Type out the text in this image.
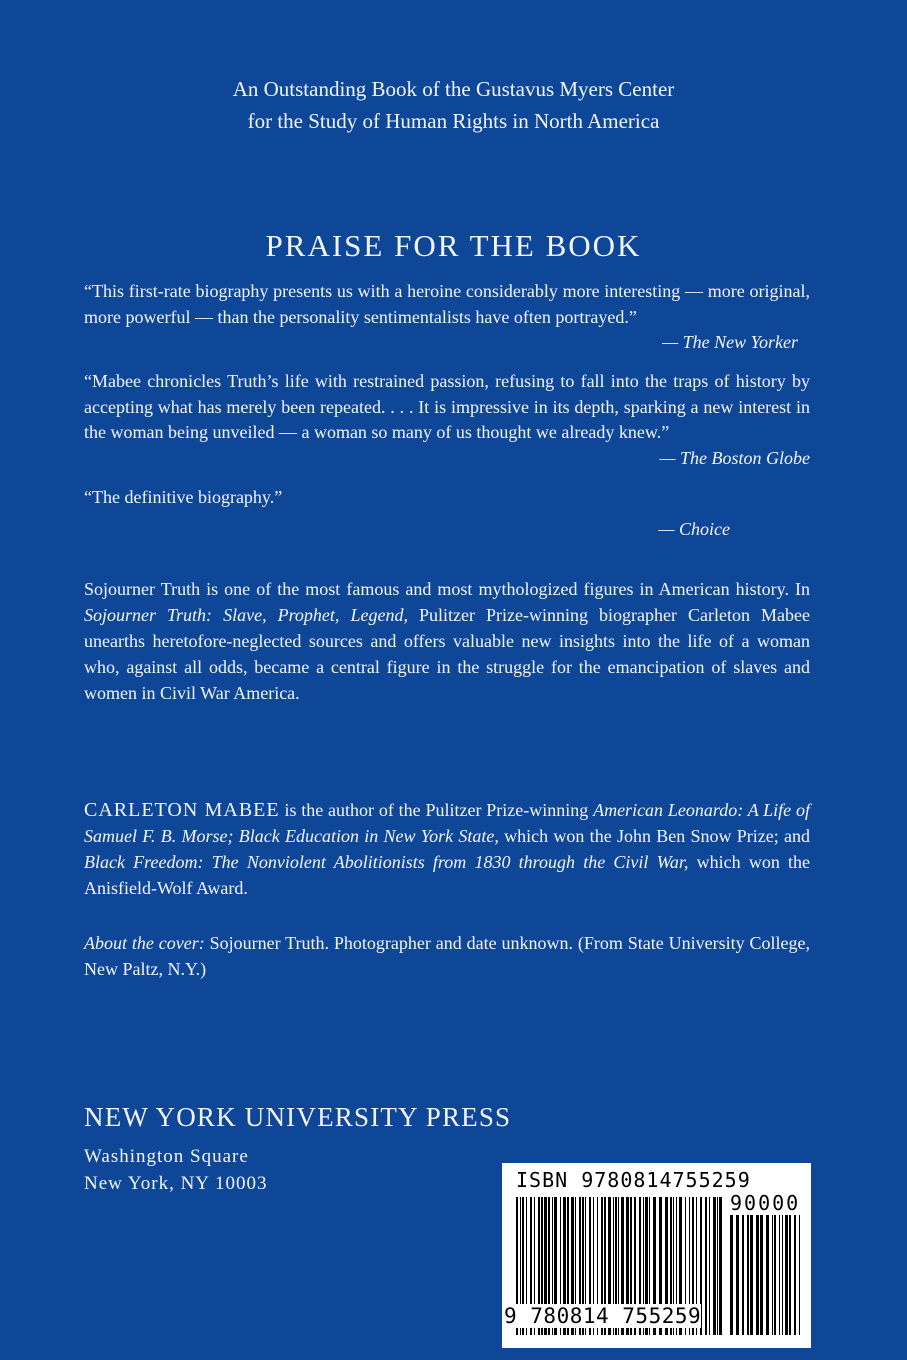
An Outstanding Book of the Gustavus Myers Center
for the Study of Human Rights in North America
PRAISE FOR THE BOOK
“This first-rate biography presents us with a heroine considerably more interesting — more original, more powerful — than the personality sentimentalists have often portrayed.”
— The New Yorker
“Mabee chronicles Truth’s life with restrained passion, refusing to fall into the traps of history by accepting what has merely been repeated. . . . It is impressive in its depth, sparking a new interest in the woman being unveiled — a woman so many of us thought we already knew.”
— The Boston Globe
“The definitive biography.”
— Choice
Sojourner Truth is one of the most famous and most mythologized figures in American history. In Sojourner Truth: Slave, Prophet, Legend, Pulitzer Prize-winning biographer Carleton Mabee unearths heretofore-neglected sources and offers valuable new insights into the life of a woman who, against all odds, became a central figure in the struggle for the emancipation of slaves and women in Civil War America.
CARLETON MABEE is the author of the Pulitzer Prize-winning American Leonardo: A Life of Samuel F. B. Morse; Black Education in New York State, which won the John Ben Snow Prize; and Black Freedom: The Nonviolent Abolitionists from 1830 through the Civil War, which won the Anisfield-Wolf Award.
About the cover: Sojourner Truth. Photographer and date unknown. (From State University College, New Paltz, N.Y.)
NEW YORK UNIVERSITY PRESS
Washington Square
New York, NY 10003	ISBN 9780814755259
9 780814 755259
90000
